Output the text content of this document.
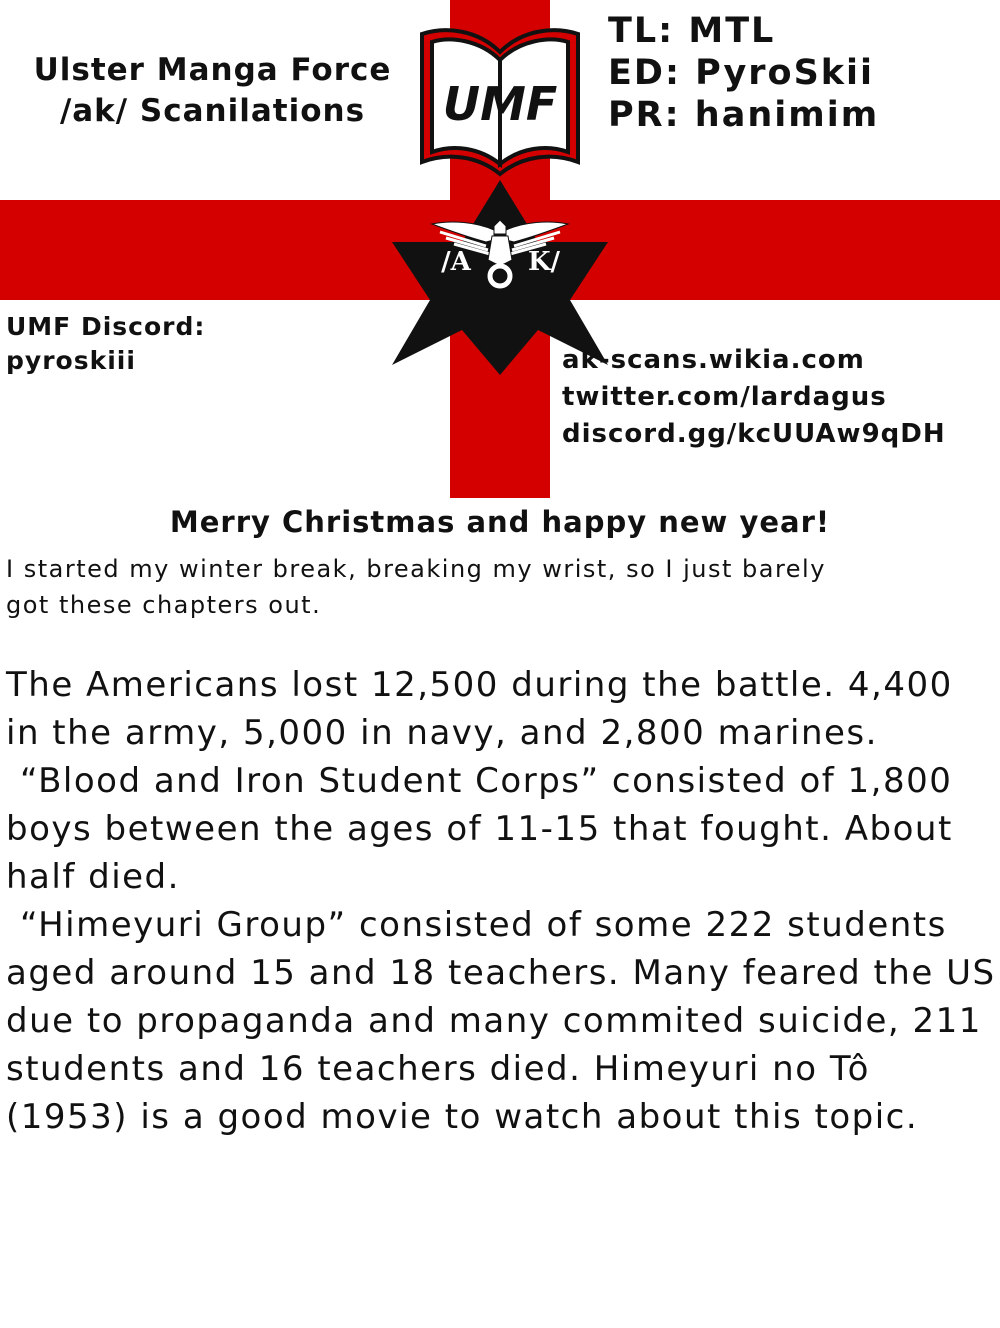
Ulster Manga Force
/ak/ Scanilations	UMF
TL: MTL
ED: PyroSkii
PR: hanimim
/A K/
UMF Discord:
pyroskiii	ak-scans.wikia.com
twitter.com/lardagus
discord.gg/kcUUAw9qDH
Merry Christmas and happy new year!
I started my winter break, breaking my wrist, so I just barely got these chapters out.

The Americans lost 12,500 during the battle. 4,400 in the army, 5,000 in navy, and 2,800 marines.

“Blood and Iron Student Corps” consisted of 1,800 boys between the ages of 11-15 that fought. About half died.

“Himeyuri Group” consisted of some 222 students aged around 15 and 18 teachers. Many feared the US due to propaganda and many commited suicide, 211 students and 16 teachers died. Himeyuri no Tô (1953) is a good movie to watch about this topic.
